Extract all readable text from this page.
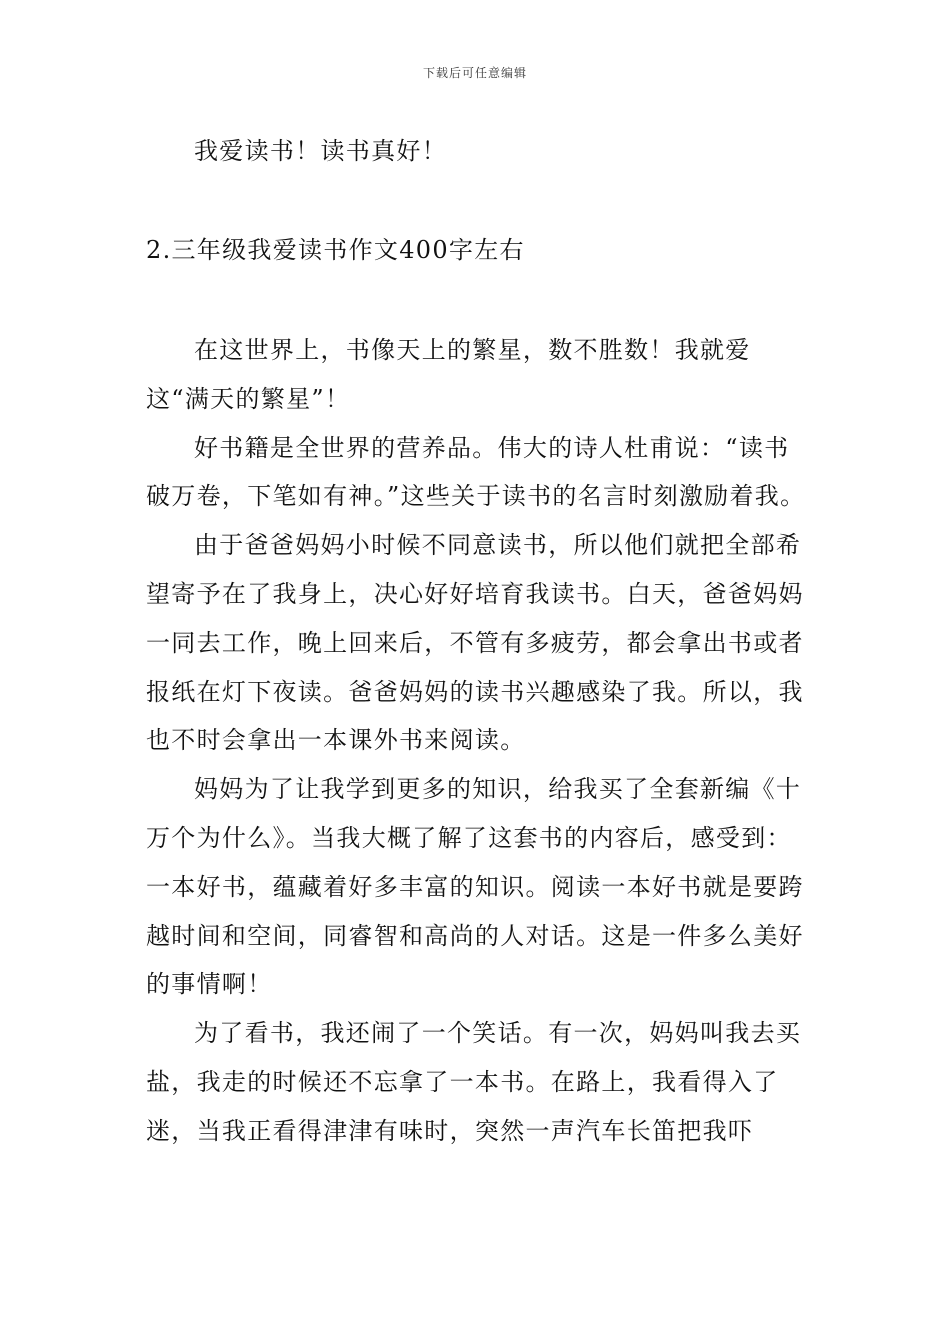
下载后可任意编辑

我爱读书！读书真好！

2.三年级我爱读书作文400字左右

在这世界上，书像天上的繁星，数不胜数！我就爱这“满天的繁星”！

好书籍是全世界的营养品。伟大的诗人杜甫说：“读书破万卷，下笔如有神。”这些关于读书的名言时刻激励着我。

由于爸爸妈妈小时候不同意读书，所以他们就把全部希望寄予在了我身上，决心好好培育我读书。白天，爸爸妈妈一同去工作，晚上回来后，不管有多疲劳，都会拿出书或者报纸在灯下夜读。爸爸妈妈的读书兴趣感染了我。所以，我也不时会拿出一本课外书来阅读。

妈妈为了让我学到更多的知识，给我买了全套新编《十万个为什么》。当我大概了解了这套书的内容后，感受到：一本好书，蕴藏着好多丰富的知识。阅读一本好书就是要跨越时间和空间，同睿智和高尚的人对话。这是一件多么美好的事情啊！

为了看书，我还闹了一个笑话。有一次，妈妈叫我去买盐，我走的时候还不忘拿了一本书。在路上，我看得入了迷，当我正看得津津有味时，突然一声汽车长笛把我吓
